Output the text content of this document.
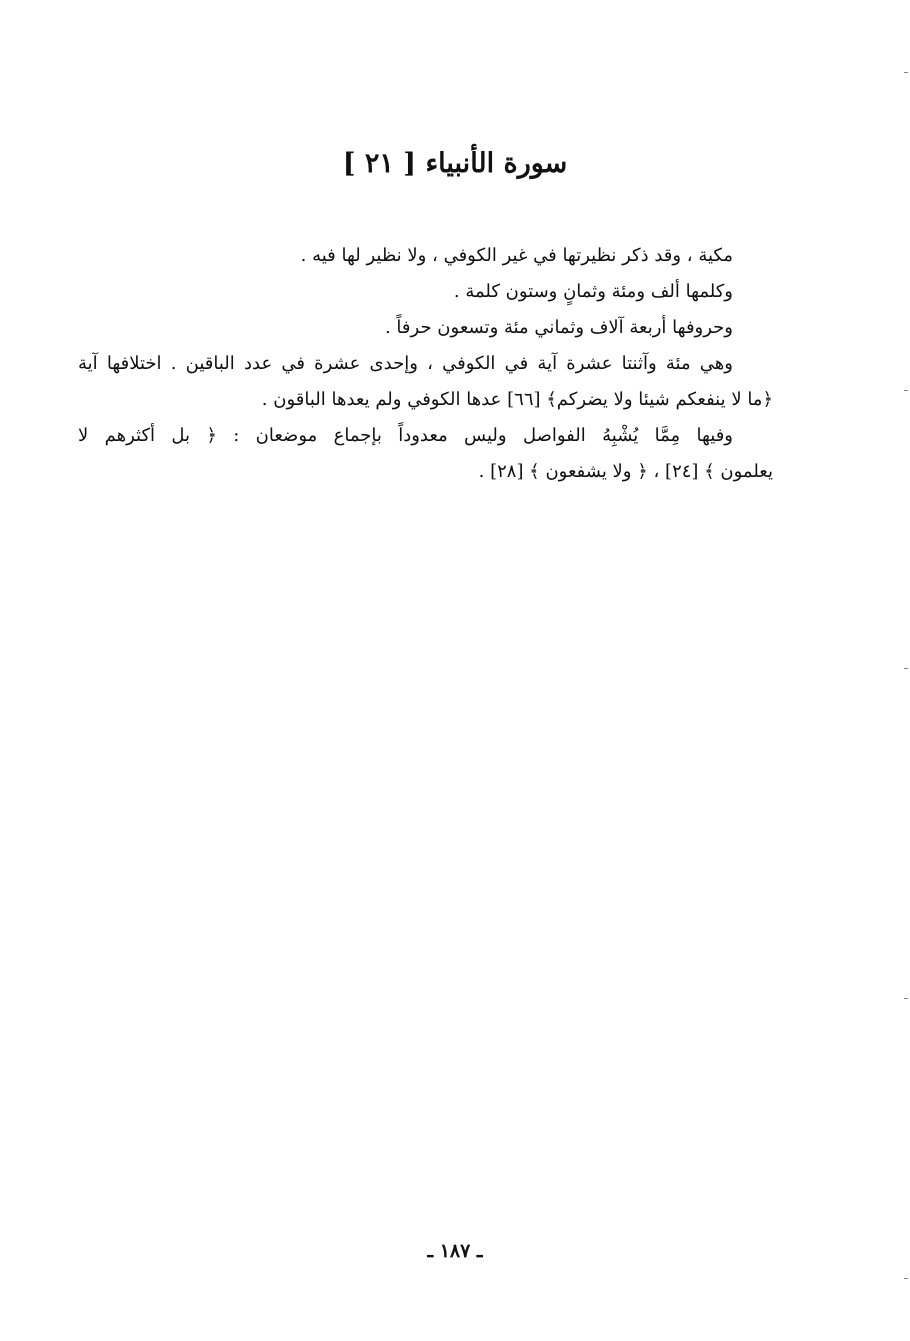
سورة الأنبياء [ ٢١ ]
مكية ، وقد ذكر نظيرتها في غير الكوفي ، ولا نظير لها فيه .
وكلمها ألف ومئة وثمانٍ وستون كلمة .
وحروفها أربعة آلاف وثماني مئة وتسعون حرفاً .
وهي مئة وآثنتا عشرة آية في الكوفي ، وإحدى عشرة في عدد الباقين . اختلافها آية
﴿ما لا ينفعكم شيئا ولا يضركم﴾ [٦٦] عدها الكوفي ولم يعدها الباقون .
وفيها مِمَّا يُشْبِهُ الفواصل وليس معدوداً بإجماع موضعان : ﴿ بل أكثرهم لا
يعلمون ﴾ [٢٤] ، ﴿ ولا يشفعون ﴾ [٢٨] .
ـ ١٨٧ ـ
